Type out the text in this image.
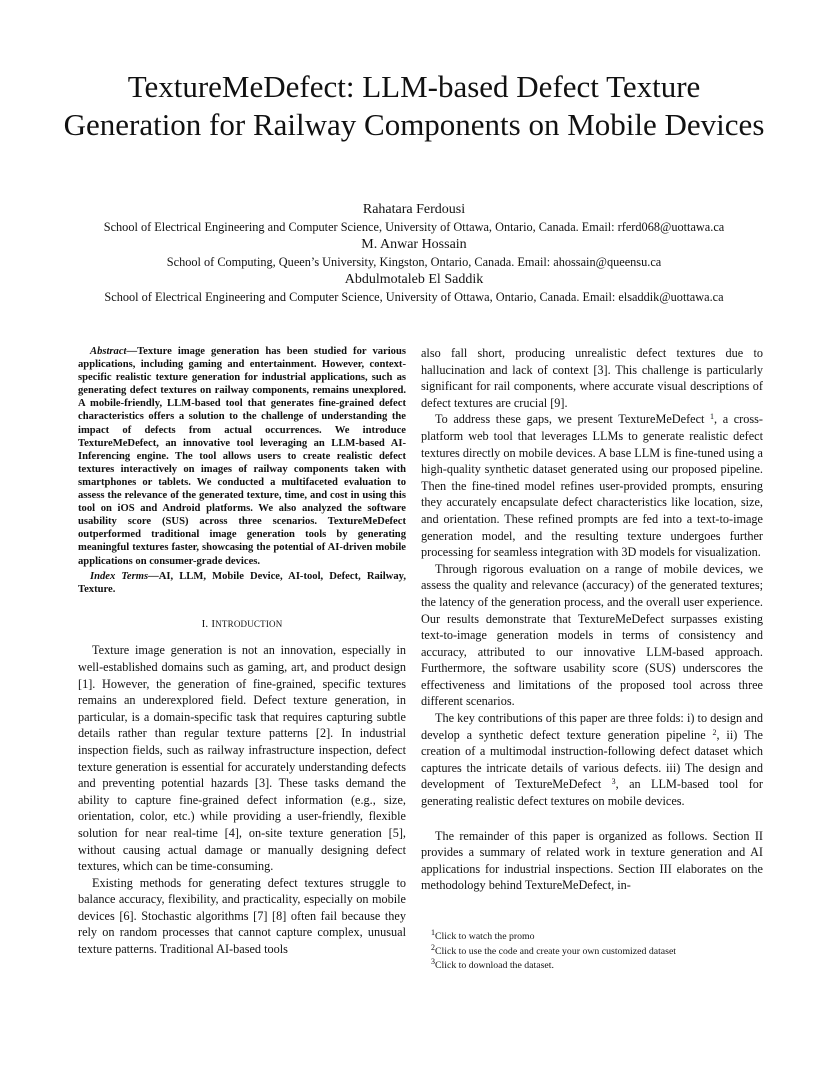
TextureMeDefect: LLM-based Defect Texture Generation for Railway Components on Mobile Devices
Rahatara Ferdousi
School of Electrical Engineering and Computer Science, University of Ottawa, Ontario, Canada. Email: rferd068@uottawa.ca
M. Anwar Hossain
School of Computing, Queen’s University, Kingston, Ontario, Canada. Email: ahossain@queensu.ca
Abdulmotaleb El Saddik
School of Electrical Engineering and Computer Science, University of Ottawa, Ontario, Canada. Email: elsaddik@uottawa.ca

Abstract—Texture image generation has been studied for various applications, including gaming and entertainment. However, context-specific realistic texture generation for industrial applications, such as generating defect textures on railway components, remains unexplored. A mobile-friendly, LLM-based tool that generates fine-grained defect characteristics offers a solution to the challenge of understanding the impact of defects from actual occurrences. We introduce TextureMeDefect, an innovative tool leveraging an LLM-based AI-Inferencing engine. The tool allows users to create realistic defect textures interactively on images of railway components taken with smartphones or tablets. We conducted a multifaceted evaluation to assess the relevance of the generated texture, time, and cost in using this tool on iOS and Android platforms. We also analyzed the software usability score (SUS) across three scenarios. TextureMeDefect outperformed traditional image generation tools by generating meaningful textures faster, showcasing the potential of AI-driven mobile applications on consumer-grade devices.

Index Terms—AI, LLM, Mobile Device, AI-tool, Defect, Railway, Texture.

I. INTRODUCTION

Texture image generation is not an innovation, especially in well-established domains such as gaming, art, and product design [1]. However, the generation of fine-grained, specific textures remains an underexplored field. Defect texture generation, in particular, is a domain-specific task that requires capturing subtle details rather than regular texture patterns [2]. In industrial inspection fields, such as railway infrastructure inspection, defect texture generation is essential for accurately understanding defects and preventing potential hazards [3]. These tasks demand the ability to capture fine-grained defect information (e.g., size, orientation, color, etc.) while providing a user-friendly, flexible solution for near real-time [4], on-site texture generation [5], without causing actual damage or manually designing defect textures, which can be time-consuming.

Existing methods for generating defect textures struggle to balance accuracy, flexibility, and practicality, especially on mobile devices [6]. Stochastic algorithms [7] [8] often fail because they rely on random processes that cannot capture complex, unusual texture patterns. Traditional AI-based tools

also fall short, producing unrealistic defect textures due to hallucination and lack of context [3]. This challenge is particularly significant for rail components, where accurate visual descriptions of defect textures are crucial [9].

To address these gaps, we present TextureMeDefect $^1$, a cross-platform web tool that leverages LLMs to generate realistic defect textures directly on mobile devices. A base LLM is fine-tuned using a high-quality synthetic dataset generated using our proposed pipeline. Then the fine-tined model refines user-provided prompts, ensuring they accurately encapsulate defect characteristics like location, size, and orientation. These refined prompts are fed into a text-to-image generation model, and the resulting texture undergoes further processing for seamless integration with 3D models for visualization.

Through rigorous evaluation on a range of mobile devices, we assess the quality and relevance (accuracy) of the generated textures; the latency of the generation process, and the overall user experience. Our results demonstrate that TextureMeDefect surpasses existing text-to-image generation models in terms of consistency and accuracy, attributed to our innovative LLM-based approach. Furthermore, the software usability score (SUS) underscores the effectiveness and limitations of the proposed tool across three different scenarios.

The key contributions of this paper are three folds: i) to design and develop a synthetic defect texture generation pipeline $^2$, ii) The creation of a multimodal instruction-following defect dataset which captures the intricate details of various defects. iii) The design and development of TextureMeDefect $^3$, an LLM-based tool for generating realistic defect textures on mobile devices.

The remainder of this paper is organized as follows. Section II provides a summary of related work in texture generation and AI applications for industrial inspections. Section III elaborates on the methodology behind TextureMeDefect, in-

$^1$Click to watch the promo
$^2$Click to use the code and create your own customized dataset
$^3$Click to download the dataset.
